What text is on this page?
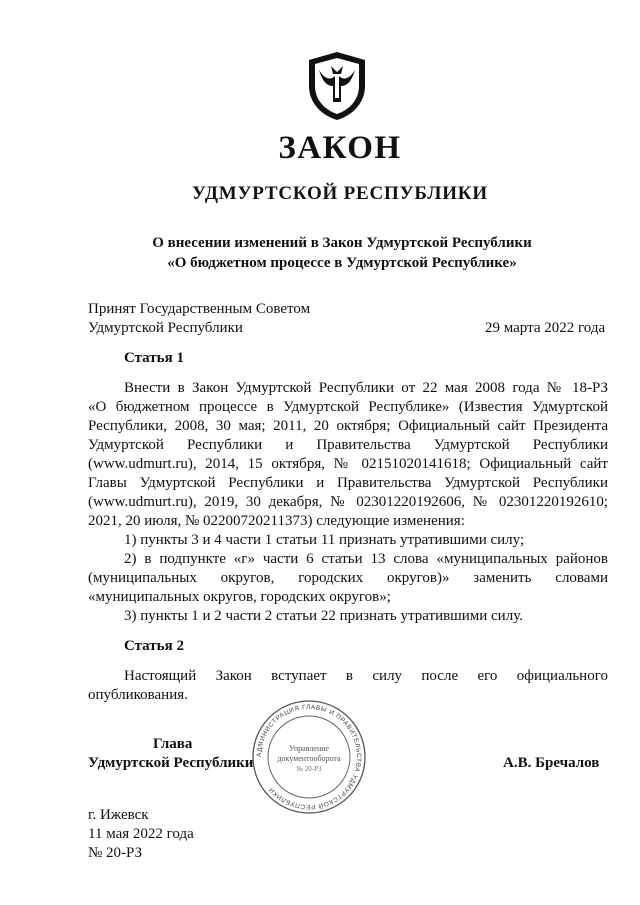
ЗАКОН
УДМУРТСКОЙ РЕСПУБЛИКИ
О внесении изменений в Закон Удмуртской Республики
«О бюджетном процессе в Удмуртской Республике»
Принят Государственным Советом
Удмуртской Республики	29 марта 2022 года
Статья 1
Внести в Закон Удмуртской Республики от 22 мая 2008 года № 18-РЗ
«О бюджетном процессе в Удмуртской Республике» (Известия Удмуртской
Республики, 2008, 30 мая; 2011, 20 октября; Официальный сайт Президента
Удмуртской Республики и Правительства Удмуртской Республики
(www.udmurt.ru), 2014, 15 октября, № 02151020141618; Официальный сайт
Главы Удмуртской Республики и Правительства Удмуртской Республики
(www.udmurt.ru), 2019, 30 декабря, № 02301220192606, № 02301220192610;
2021, 20 июля, № 02200720211373) следующие изменения:
1) пункты 3 и 4 части 1 статьи 11 признать утратившими силу;
2) в подпункте «г» части 6 статьи 13 слова «муниципальных районов
(муниципальных округов, городских округов)» заменить словами
«муниципальных округов, городских округов»;
3) пункты 1 и 2 части 2 статьи 22 признать утратившими силу.
Статья 2
Настоящий Закон вступает в силу после его официального
опубликования.
Глава
Удмуртской Республики	А.В. Бречалов
АДМИНИСТРАЦИЯ ГЛАВЫ И ПРАВИТЕЛЬСТВА УДМУРТСКОЙ РЕСПУБЛИКИ
Управление
документооборота
№ 20-РЗ
г. Ижевск
11 мая 2022 года
№ 20-РЗ
